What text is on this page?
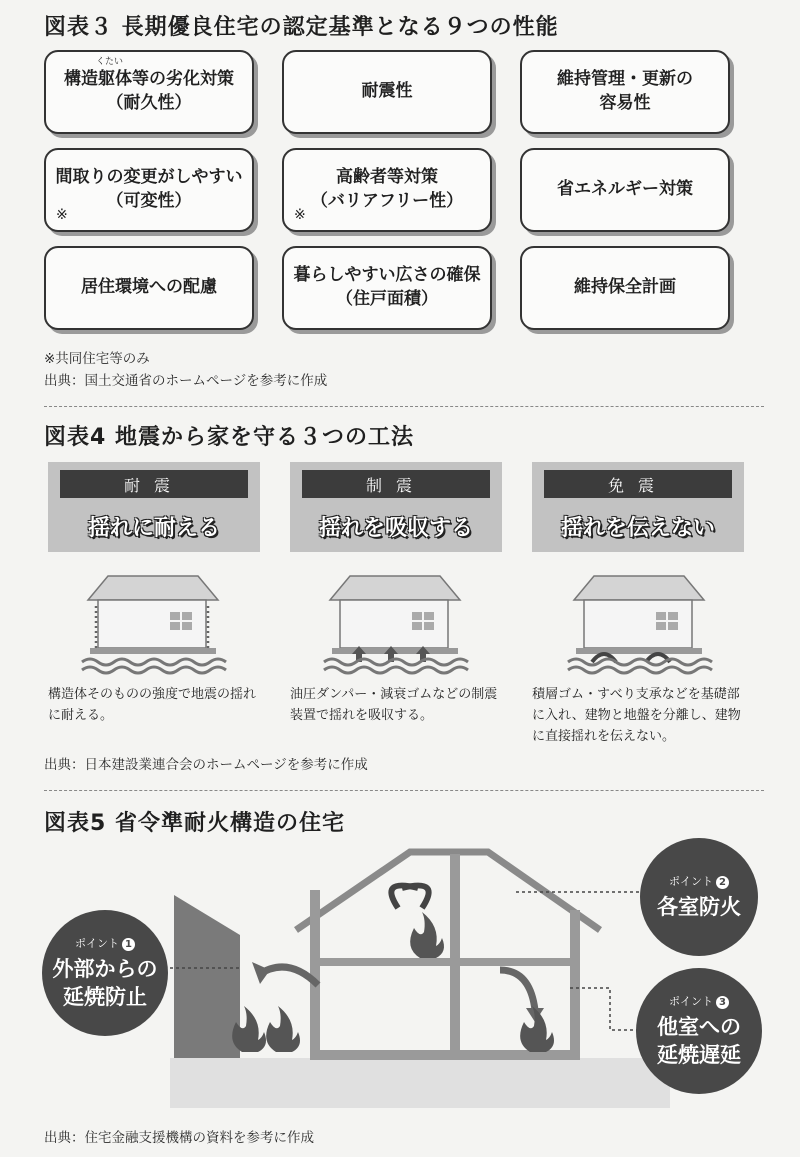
図表３ 長期優良住宅の認定基準となる９つの性能
くたい
構造躯体等の劣化対策
（耐久性）
耐震性
維持管理・更新の
容易性
間取りの変更がしやすい
（可変性）
※
高齢者等対策
（バリアフリー性）
※
省エネルギー対策
居住環境への配慮
暮らしやすい広さの確保
（住戸面積）
維持保全計画
※共同住宅等のみ
出典：国土交通省のホームページを参考に作成
図表4 地震から家を守る３つの工法
耐震
揺れに耐える
制震
揺れを吸収する
免震
揺れを伝えない
構造体そのものの強度で地震の揺れに耐える。
油圧ダンパー・減衰ゴムなどの制震装置で揺れを吸収する。
積層ゴム・すべり支承などを基礎部に入れ、建物と地盤を分離し、建物に直接揺れを伝えない。
出典：日本建設業連合会のホームページを参考に作成
図表5 省令準耐火構造の住宅
ポイント 1
外部からの
延焼防止
ポイント 2
各室防火
ポイント 3
他室への
延焼遅延
出典：住宅金融支援機構の資料を参考に作成
